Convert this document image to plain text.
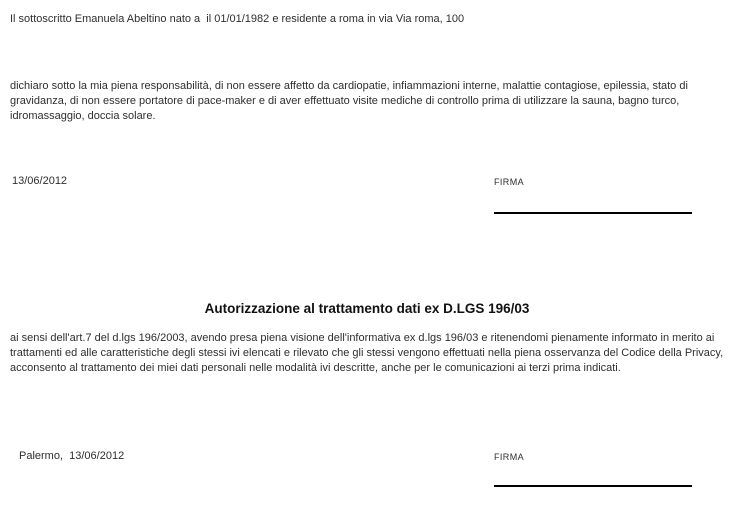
Il sottoscritto Emanuela Abeltino nato a  il 01/01/1982 e residente a roma in via Via roma, 100

dichiaro sotto la mia piena responsabilità, di non essere affetto da cardiopatie, infiammazioni interne, malattie contagiose, epilessia, stato di gravidanza, di non essere portatore di pace-maker e di aver effettuato visite mediche di controllo prima di utilizzare la sauna, bagno turco, idromassaggio, doccia solare.

13/06/2012	FIRMA
Autorizzazione al trattamento dati ex D.LGS 196/03

ai sensi dell'art.7 del d.lgs 196/2003, avendo presa piena visione dell'informativa ex d.lgs 196/03 e ritenendomi pienamente informato in merito ai trattamenti ed alle caratteristiche degli stessi ivi elencati e rilevato che gli stessi vengono effettuati nella piena osservanza del Codice della Privacy, acconsento al trattamento dei miei dati personali nelle modalità ivi descritte, anche per le comunicazioni ai terzi prima indicati.

Palermo,  13/06/2012	FIRMA
